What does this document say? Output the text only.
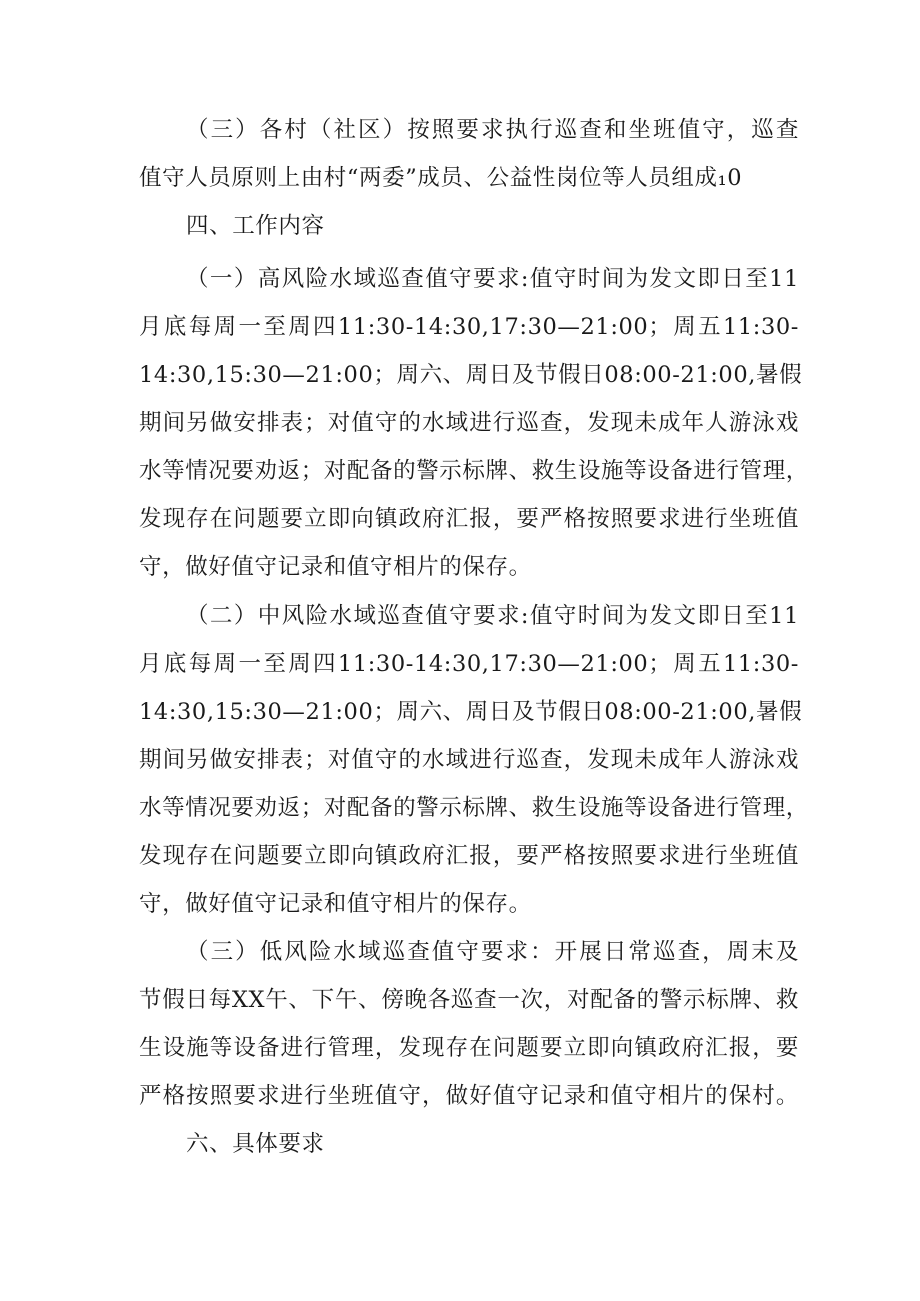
（三）各村（社区）按照要求执行巡查和坐班值守，巡查
值守人员原则上由村“两委”成员、公益性岗位等人员组成₁0
四、工作内容
（一）高风险水域巡查值守要求:值守时间为发文即日至11
月底每周一至周四11:30-14:30,17:30—21:00；周五11:30-
14:30,15:30—21:00；周六、周日及节假日08:00-21:00,暑假
期间另做安排表；对值守的水域进行巡查，发现未成年人游泳戏
水等情况要劝返；对配备的警示标牌、救生设施等设备进行管理，
发现存在问题要立即向镇政府汇报，要严格按照要求进行坐班值
守，做好值守记录和值守相片的保存。
（二）中风险水域巡查值守要求:值守时间为发文即日至11
月底每周一至周四11:30-14:30,17:30—21:00；周五11:30-
14:30,15:30—21:00；周六、周日及节假日08:00-21:00,暑假
期间另做安排表；对值守的水域进行巡查，发现未成年人游泳戏
水等情况要劝返；对配备的警示标牌、救生设施等设备进行管理，
发现存在问题要立即向镇政府汇报，要严格按照要求进行坐班值
守，做好值守记录和值守相片的保存。
（三）低风险水域巡查值守要求：开展日常巡查，周末及
节假日每XX午、下午、傍晚各巡查一次，对配备的警示标牌、救
生设施等设备进行管理，发现存在问题要立即向镇政府汇报，要
严格按照要求进行坐班值守，做好值守记录和值守相片的保村。
六、具体要求
